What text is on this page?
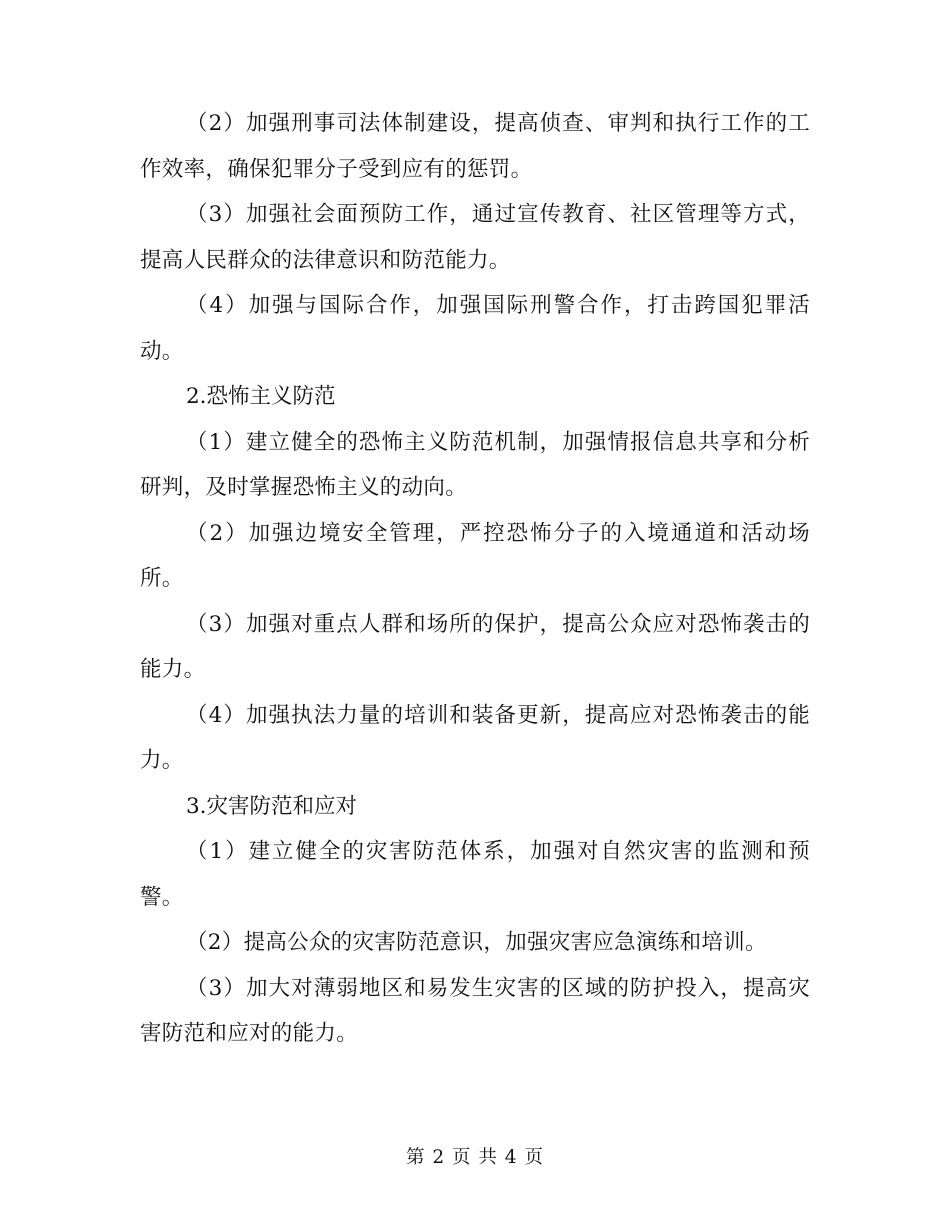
（2）加强刑事司法体制建设，提高侦查、审判和执行工作的工作效率，确保犯罪分子受到应有的惩罚。

（3）加强社会面预防工作，通过宣传教育、社区管理等方式，提高人民群众的法律意识和防范能力。

（4）加强与国际合作，加强国际刑警合作，打击跨国犯罪活动。

2.恐怖主义防范

（1）建立健全的恐怖主义防范机制，加强情报信息共享和分析研判，及时掌握恐怖主义的动向。

（2）加强边境安全管理，严控恐怖分子的入境通道和活动场所。

（3）加强对重点人群和场所的保护，提高公众应对恐怖袭击的能力。

（4）加强执法力量的培训和装备更新，提高应对恐怖袭击的能力。

3.灾害防范和应对

（1）建立健全的灾害防范体系，加强对自然灾害的监测和预警。

（2）提高公众的灾害防范意识，加强灾害应急演练和培训。

（3）加大对薄弱地区和易发生灾害的区域的防护投入，提高灾害防范和应对的能力。

第 2 页 共 4 页
